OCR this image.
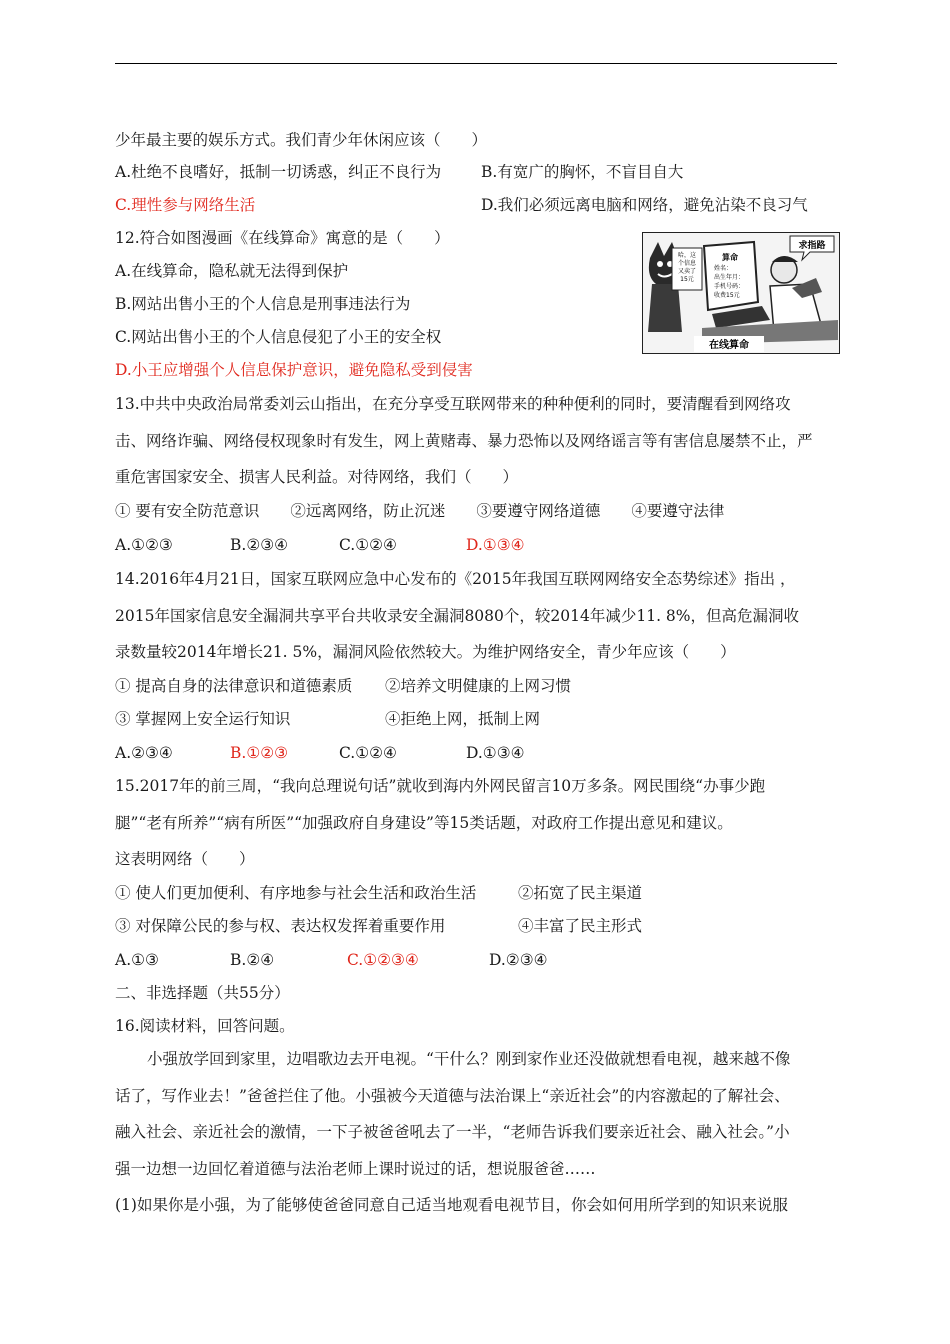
少年最主要的娱乐方式。我们青少年休闲应该（　　）
A.杜绝不良嗜好，抵制一切诱惑，纠正不良行为	B.有宽广的胸怀，不盲目自大
C.理性参与网络生活	D.我们必须远离电脑和网络，避免沾染不良习气
12.符合如图漫画《在线算命》寓意的是（　　）
A.在线算命，隐私就无法得到保护
B.网站出售小王的个人信息是刑事违法行为
C.网站出售小王的个人信息侵犯了小王的安全权
D.小王应增强个人信息保护意识，避免隐私受到侵害
哈，这
个信息
又卖了
15元
算命
姓名：
出生年月：
手机号码：
收费15元
求指路
在线算命
13.中共中央政治局常委刘云山指出，在充分享受互联网带来的种种便利的同时，要清醒看到网络攻
击、网络诈骗、网络侵权现象时有发生，网上黄赌毒、暴力恐怖以及网络谣言等有害信息屡禁不止，严
重危害国家安全、损害人民利益。对待网络，我们（　　）
① 要有安全防范意识　　②远离网络，防止沉迷　　③要遵守网络道德　　④要遵守法律
A.①②③	B.②③④	C.①②④	D.①③④
14.2016年4月21日，国家互联网应急中心发布的《2015年我国互联网网络安全态势综述》指出 ，
2015年国家信息安全漏洞共享平台共收录安全漏洞8080个，较2014年减少11. 8%，但高危漏洞收
录数量较2014年增长21. 5%，漏洞风险依然较大。为维护网络安全，青少年应该（　　）
① 提高自身的法律意识和道德素质 ②培养文明健康的上网习惯
③ 掌握网上安全运行知识	④拒绝上网，抵制上网
A.②③④	B.①②③	C.①②④	D.①③④
15.2017年的前三周，“我向总理说句话”就收到海内外网民留言10万多条。网民围绕“办事少跑
腿”“老有所养”“病有所医”“加强政府自身建设”等15类话题，对政府工作提出意见和建议。
这表明网络（　　）
① 使人们更加便利、有序地参与社会生活和政治生活	②拓宽了民主渠道
③ 对保障公民的参与权、表达权发挥着重要作用	④丰富了民主形式
A.①③	B.②④	C.①②③④	D.②③④
二、非选择题（共55分）
16.阅读材料，回答问题。
小强放学回到家里，边唱歌边去开电视。“干什么？刚到家作业还没做就想看电视，越来越不像
话了，写作业去！”爸爸拦住了他。小强被今天道德与法治课上“亲近社会”的内容激起的了解社会、
融入社会、亲近社会的激情，一下子被爸爸吼去了一半，“老师告诉我们要亲近社会、融入社会。”小
强一边想一边回忆着道德与法治老师上课时说过的话，想说服爸爸……
(1)如果你是小强，为了能够使爸爸同意自己适当地观看电视节目，你会如何用所学到的知识来说服
